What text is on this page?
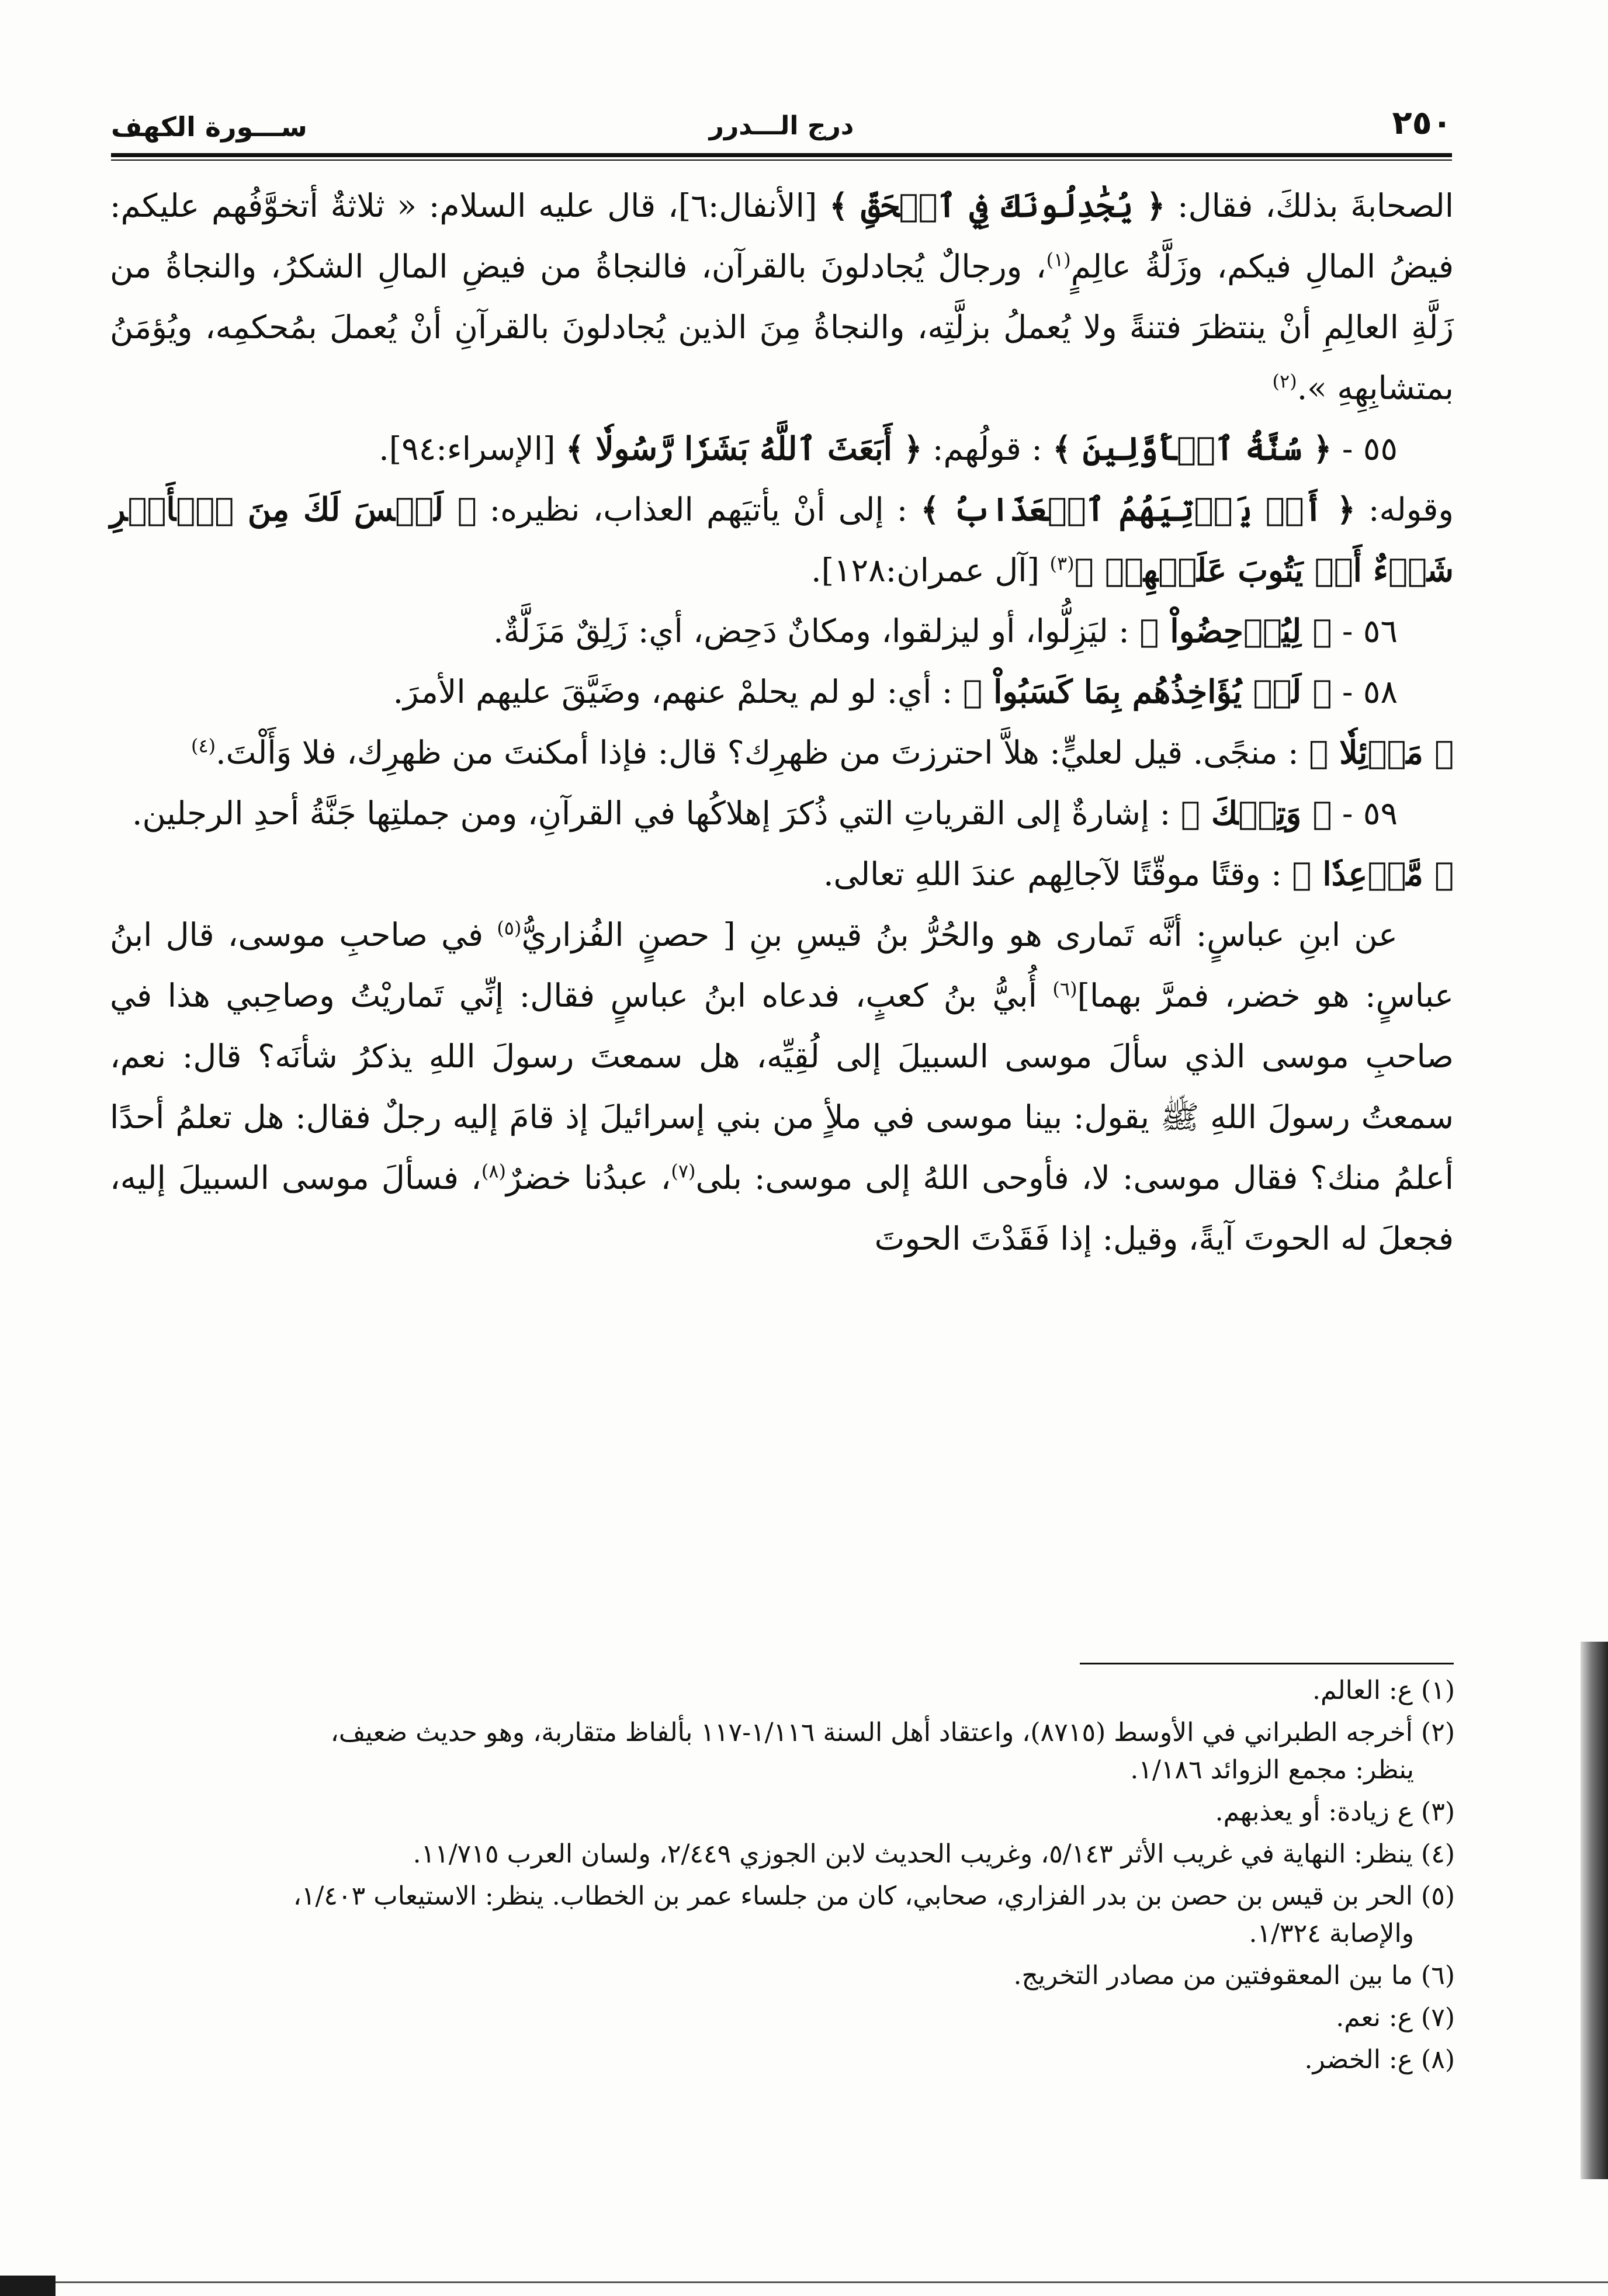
٢٥٠
درج الـــدرر
ســـورة الكهف

الصحابةَ بذلكَ، فقال: ﴿ يُجَٰدِلُونَكَ فِي ٱلۡحَقِّ ﴾ [الأنفال:٦]، قال عليه السلام: « ثلاثةٌ أتخوَّفُهم عليكم: فيضُ المالِ فيكم، وزَلَّةُ عالِمٍ$^{(١)}$، ورجالٌ يُجادلونَ بالقرآن، فالنجاةُ من فيضِ المالِ الشكرُ، والنجاةُ من زَلَّةِ العالِمِ أنْ ينتظرَ فتنةً ولا يُعملُ بزلَّتِه، والنجاةُ مِنَ الذين يُجادلونَ بالقرآنِ أنْ يُعملَ بمُحكمِه، ويُؤمَنُ بمتشابِهِهِ ».$^{(٢)}$

٥٥ - ﴿ سُنَّةُ ٱلۡأَوَّلِينَ ﴾ : قولُهم: ﴿ أَبَعَثَ ٱللَّهُ بَشَرٗا رَّسُولٗا ﴾ [الإسراء:٩٤].

وقوله: ﴿ أَوۡ يَأۡتِيَهُمُ ٱلۡعَذَابُ ﴾ : إلى أنْ يأتيَهم العذاب، نظيره: ﴿ لَيۡسَ لَكَ مِنَ ٱلۡأَمۡرِ شَيۡءٌ أَوۡ يَتُوبَ عَلَيۡهِمۡ ﴾$^{(٣)}$ [آل عمران:١٢٨].

٥٦ - ﴿ لِيُدۡحِضُواْ ﴾ : ليَزِلُّوا، أو ليزلقوا، ومكانٌ دَحِض، أي: زَلِقٌ مَزَلَّةٌ.

٥٨ - ﴿ لَوۡ يُؤَاخِذُهُم بِمَا كَسَبُواْ ﴾ : أي: لو لم يحلمْ عنهم، وضَيَّقَ عليهم الأمرَ.

﴿ مَوۡئِلٗا ﴾ : منجًى. قيل لعليٍّ: هلاَّ احترزتَ من ظهرِك؟ قال: فإذا أمكنتَ من ظهرِك، فلا وَأَلْتَ.$^{(٤)}$

٥٩ - ﴿ وَتِلۡكَ ﴾ : إشارةٌ إلى القرياتِ التي ذُكرَ إهلاكُها في القرآنِ، ومن جملتِها جَنَّةُ أحدِ الرجلين.

﴿ مَّوۡعِدٗا ﴾ : وقتًا موقّتًا لآجالِهم عندَ اللهِ تعالى.

عن ابنِ عباسٍ: أنَّه تَمارى هو والحُرُّ بنُ قيسِ بنِ [ حصنٍ الفُزاريُّ$^{(٥)}$ في صاحبِ موسى، قال ابنُ عباسٍ: هو خضر، فمرَّ بهما]$^{(٦)}$ أُبيُّ بنُ كعبٍ، فدعاه ابنُ عباسٍ فقال: إنِّي تَماريْتُ وصاحِبي هذا في صاحبِ موسى الذي سألَ موسى السبيلَ إلى لُقِيِّه، هل سمعتَ رسولَ اللهِ يذكرُ شأنَه؟ قال: نعم، سمعتُ رسولَ اللهِ ﷺ يقول: بينا موسى في ملأٍ من بني إسرائيلَ إذ قامَ إليه رجلٌ فقال: هل تعلمُ أحدًا أعلمُ منك؟ فقال موسى: لا، فأوحى اللهُ إلى موسى: بلى$^{(٧)}$، عبدُنا خضرٌ$^{(٨)}$، فسألَ موسى السبيلَ إليه، فجعلَ له الحوتَ آيةً، وقيل: إذا فَقَدْتَ الحوتَ

(١) ع: العالم.
(٢) أخرجه الطبراني في الأوسط (٨٧١٥)، واعتقاد أهل السنة ١/١١٦-١١٧ بألفاظ متقاربة، وهو حديث ضعيف،
ينظر: مجمع الزوائد ١/١٨٦.
(٣) ع زيادة: أو يعذبهم.
(٤) ينظر: النهاية في غريب الأثر ٥/١٤٣، وغريب الحديث لابن الجوزي ٢/٤٤٩، ولسان العرب ١١/٧١٥.
(٥) الحر بن قيس بن حصن بن بدر الفزاري، صحابي، كان من جلساء عمر بن الخطاب. ينظر: الاستيعاب ١/٤٠٣،
والإصابة ١/٣٢٤.
(٦) ما بين المعقوفتين من مصادر التخريج.
(٧) ع: نعم.
(٨) ع: الخضر.
